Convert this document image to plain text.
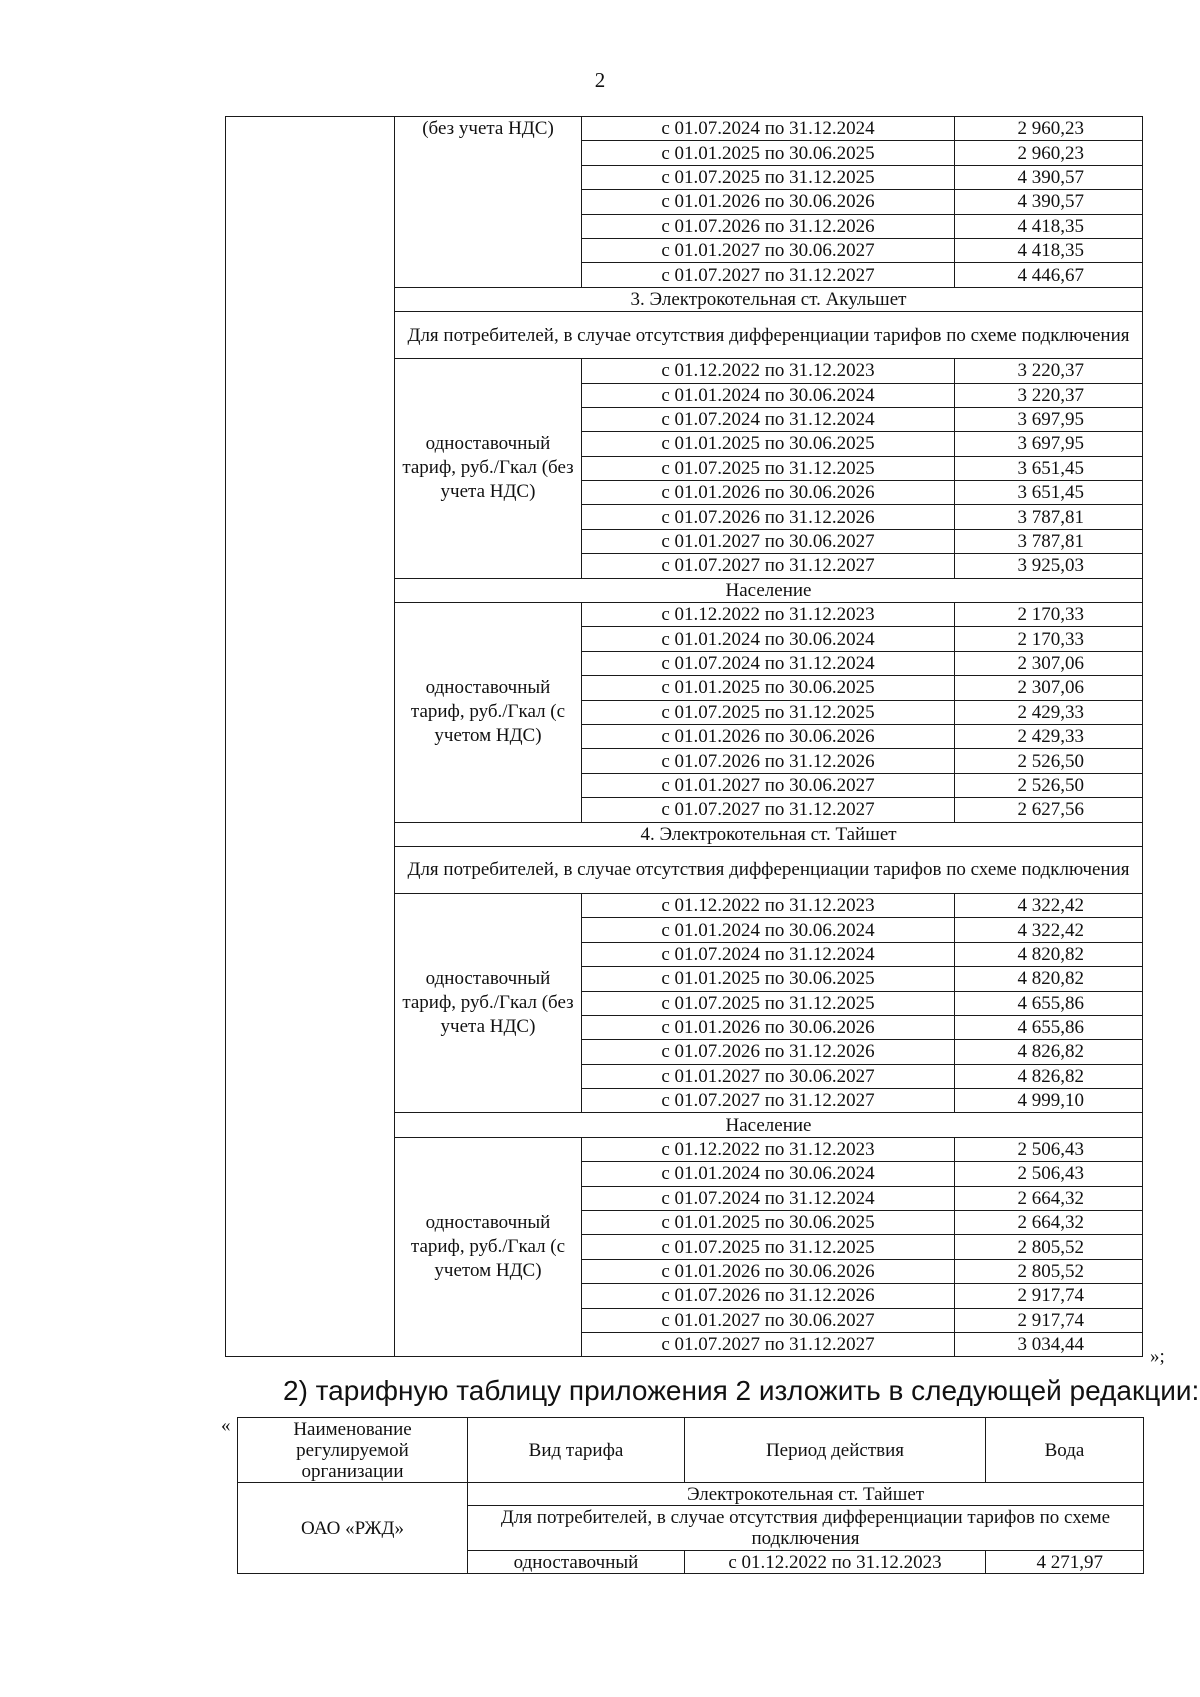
2
	(без учета НДС)	с 01.07.2024 по 31.12.2024	2 960,23
		с 01.01.2025 по 30.06.2025	2 960,23
		с 01.07.2025 по 31.12.2025	4 390,57
		с 01.01.2026 по 30.06.2026	4 390,57
		с 01.07.2026 по 31.12.2026	4 418,35
		с 01.01.2027 по 30.06.2027	4 418,35
		с 01.07.2027 по 31.12.2027	4 446,67
	3. Электрокотельная ст. Акульшет		
	Для потребителей, в случае отсутствия дифференциации тарифов по схеме подключения		
	одноставочный тариф, руб./Гкал (без учета НДС)	с 01.12.2022 по 31.12.2023	3 220,37
		с 01.01.2024 по 30.06.2024	3 220,37
		с 01.07.2024 по 31.12.2024	3 697,95
		с 01.01.2025 по 30.06.2025	3 697,95
		с 01.07.2025 по 31.12.2025	3 651,45
		с 01.01.2026 по 30.06.2026	3 651,45
		с 01.07.2026 по 31.12.2026	3 787,81
		с 01.01.2027 по 30.06.2027	3 787,81
		с 01.07.2027 по 31.12.2027	3 925,03
	Население		
	одноставочный тариф, руб./Гкал (с учетом НДС)	с 01.12.2022 по 31.12.2023	2 170,33
		с 01.01.2024 по 30.06.2024	2 170,33
		с 01.07.2024 по 31.12.2024	2 307,06
		с 01.01.2025 по 30.06.2025	2 307,06
		с 01.07.2025 по 31.12.2025	2 429,33
		с 01.01.2026 по 30.06.2026	2 429,33
		с 01.07.2026 по 31.12.2026	2 526,50
		с 01.01.2027 по 30.06.2027	2 526,50
		с 01.07.2027 по 31.12.2027	2 627,56
	4. Электрокотельная ст. Тайшет		
	Для потребителей, в случае отсутствия дифференциации тарифов по схеме подключения		
	одноставочный тариф, руб./Гкал (без учета НДС)	с 01.12.2022 по 31.12.2023	4 322,42
		с 01.01.2024 по 30.06.2024	4 322,42
		с 01.07.2024 по 31.12.2024	4 820,82
		с 01.01.2025 по 30.06.2025	4 820,82
		с 01.07.2025 по 31.12.2025	4 655,86
		с 01.01.2026 по 30.06.2026	4 655,86
		с 01.07.2026 по 31.12.2026	4 826,82
		с 01.01.2027 по 30.06.2027	4 826,82
		с 01.07.2027 по 31.12.2027	4 999,10
	Население		
	одноставочный тариф, руб./Гкал (с учетом НДС)	с 01.12.2022 по 31.12.2023	2 506,43
		с 01.01.2024 по 30.06.2024	2 506,43
		с 01.07.2024 по 31.12.2024	2 664,32
		с 01.01.2025 по 30.06.2025	2 664,32
		с 01.07.2025 по 31.12.2025	2 805,52
		с 01.01.2026 по 30.06.2026	2 805,52
		с 01.07.2026 по 31.12.2026	2 917,74
		с 01.01.2027 по 30.06.2027	2 917,74
		с 01.07.2027 по 31.12.2027	3 034,44
»;
2) тарифную таблицу приложения 2 изложить в следующей редакции:
«	Наименование регулируемой организации	Вид тарифа	Период действия	Вода
ОАО «РЖД»	Электрокотельная ст. Тайшет		
	Для потребителей, в случае отсутствия дифференциации тарифов по схеме подключения		
	одноставочный	с 01.12.2022 по 31.12.2023	4 271,97
